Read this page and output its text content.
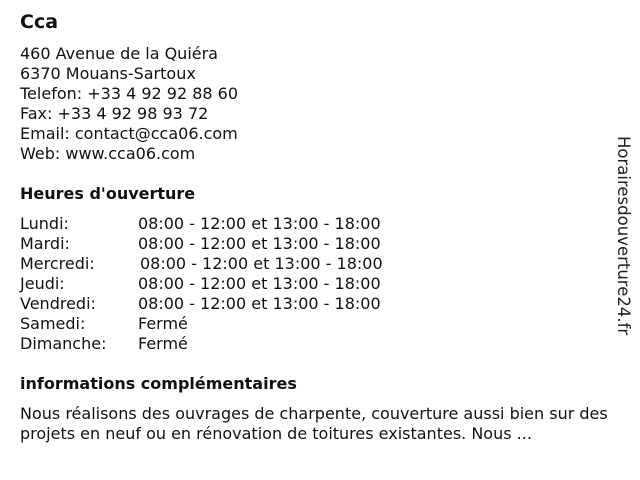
Cca
460 Avenue de la Quiéra
6370 Mouans-Sartoux
Telefon: +33 4 92 92 88 60
Fax: +33 4 92 98 93 72
Email: contact@cca06.com
Web: www.cca06.com
Heures d'ouverture
Lundi:	08:00 - 12:00 et 13:00 - 18:00
Mardi:	08:00 - 12:00 et 13:00 - 18:00
Mercredi:	08:00 - 12:00 et 13:00 - 18:00
Jeudi:	08:00 - 12:00 et 13:00 - 18:00
Vendredi:	08:00 - 12:00 et 13:00 - 18:00
Samedi:	Fermé
Dimanche: Fermé
informations complémentaires
Nous réalisons des ouvrages de charpente, couverture aussi bien sur des projets en neuf ou en rénovation de toitures existantes. Nous ...
Horairesdouverture24.fr
